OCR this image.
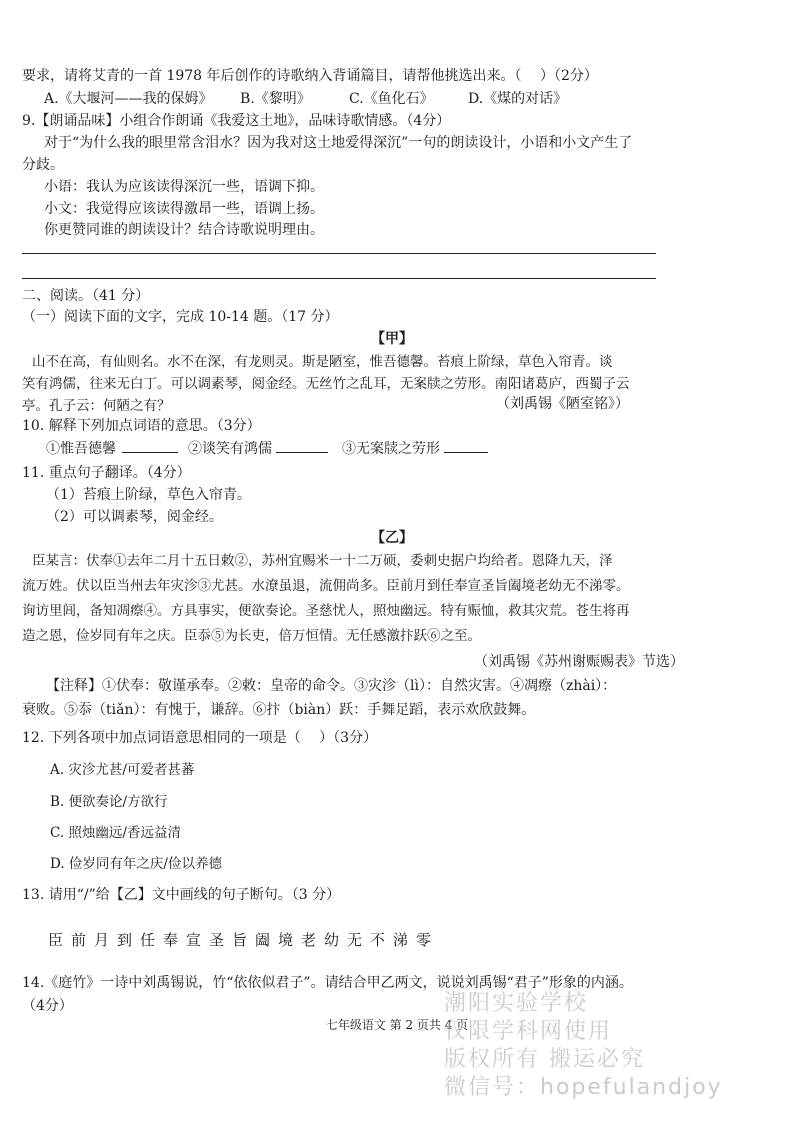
要求，请将艾青的一首 1978 年后创作的诗歌纳入背诵篇目，请帮他挑选出来。（　 ）（2分）
A.《大堰河——我的保姆》 B.《黎明》	C.《鱼化石》 D.《煤的对话》
9.【朗诵品味】小组合作朗诵《我爱这土地》，品味诗歌情感。（4分）
对于“为什么我的眼里常含泪水？因为我对这土地爱得深沉”一句的朗读设计，小语和小文产生了
分歧。
小语：我认为应该读得深沉一些，语调下抑。
小文：我觉得应该读得激昂一些，语调上扬。
你更赞同谁的朗读设计？结合诗歌说明理由。
二、阅读。（41 分）
（一）阅读下面的文字，完成 10-14 题。（17 分）
【甲】
山不在高，有仙则名。水不在深，有龙则灵。斯是陋室，惟吾德馨。苔痕上阶绿，草色入帘青。谈
笑有鸿儒，往来无白丁。可以调素琴，阅金经。无丝竹之乱耳，无案牍之劳形。南阳诸葛庐，西蜀子云
亭。孔子云：何陋之有？	（刘禹锡《陋室铭》）
10. 解释下列加点词语的意思。（3分）
①惟吾德馨	②谈笑有鸿儒	③无案牍之劳形
11. 重点句子翻译。（4分）
（1）苔痕上阶绿，草色入帘青。
（2）可以调素琴，阅金经。
【乙】
臣某言：伏奉①去年二月十五日敕②，苏州宜赐米一十二万硕，委刺史据户均给者。恩降九天，泽
流万姓。伏以臣当州去年灾沴③尤甚。水潦虽退，流佣尚多。臣前月到任奉宣圣旨阖境老幼无不涕零。
询访里闾，备知凋瘵④。方具事实，便欲奏论。圣慈忧人，照烛幽远。特有赈恤，救其灾荒。苍生将再
造之恩，俭岁同有年之庆。臣忝⑤为长吏，倍万恒情。无任感激抃跃⑥之至。
（刘禹锡《苏州谢赈赐表》节选）
【注释】①伏奉：敬谨承奉。②敕：皇帝的命令。③灾沴（lì）：自然灾害。④凋瘵（zhài）：
衰败。⑤忝（tiǎn）：有愧于，谦辞。⑥抃（biàn）跃：手舞足蹈，表示欢欣鼓舞。
12. 下列各项中加点词语意思相同的一项是（　 ）（3分）
A. 灾沴尤甚/可爱者甚蕃
B. 便欲奏论/方欲行
C. 照烛幽远/香远益清
D. 俭岁同有年之庆/俭以养德
13. 请用“/”给【乙】文中画线的句子断句。（3 分）
臣前月到任奉宣圣旨阖境老幼无不涕零
14.《庭竹》一诗中刘禹锡说，竹“依依似君子”。请结合甲乙两文，说说刘禹锡“君子”形象的内涵。
（4分）
七年级语文 第 2 页共 4 页
潮阳实验学校
仅限学科网使用
版权所有 搬运必究
微信号：hopefulandjoy
